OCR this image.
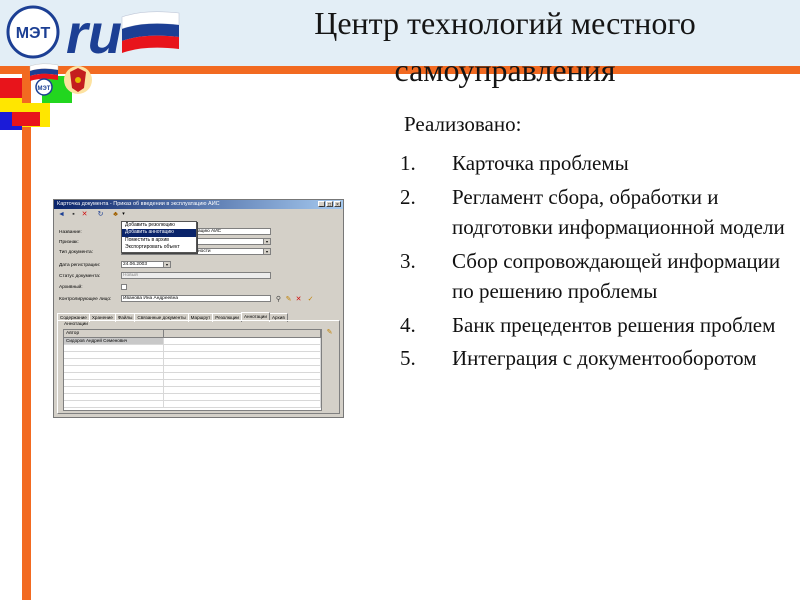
МЭТ ru
МЭТ
Центр технологий местного самоуправления
Реализовано:
1. Карточка проблемы
2. Регламент сбора, обработки и подготовки информационной модели
3. Сбор сопровождающей информации по решению проблемы
4. Банк прецедентов решения проблем
5. Интеграция с документооборотом
Карточка документа - Приказ об введении в эксплуатацию АИС	_	□	×
◄	▪ ✕ ↻ ♣ ▾
Добавить резолюцию
Добавить аннотацию
Поместить в архив
Экспортировать объект
Название:	ацию АИС
Признак:	▾
Тип документа:	ности	▾
Дата регистрации:	24.06.2003	▾
Статус документа:	Новый
Архивный:
Контролирующее лицо:	Иванова Ина Андреевна	⚲ ✎ ✕ ✓
Содержание	Хранение	Файлы	Связанные документы	Маршрут	Резолюции	Аннотации	Архив
Аннотации
✎
Автор
Сидоров Андрей Семенович
